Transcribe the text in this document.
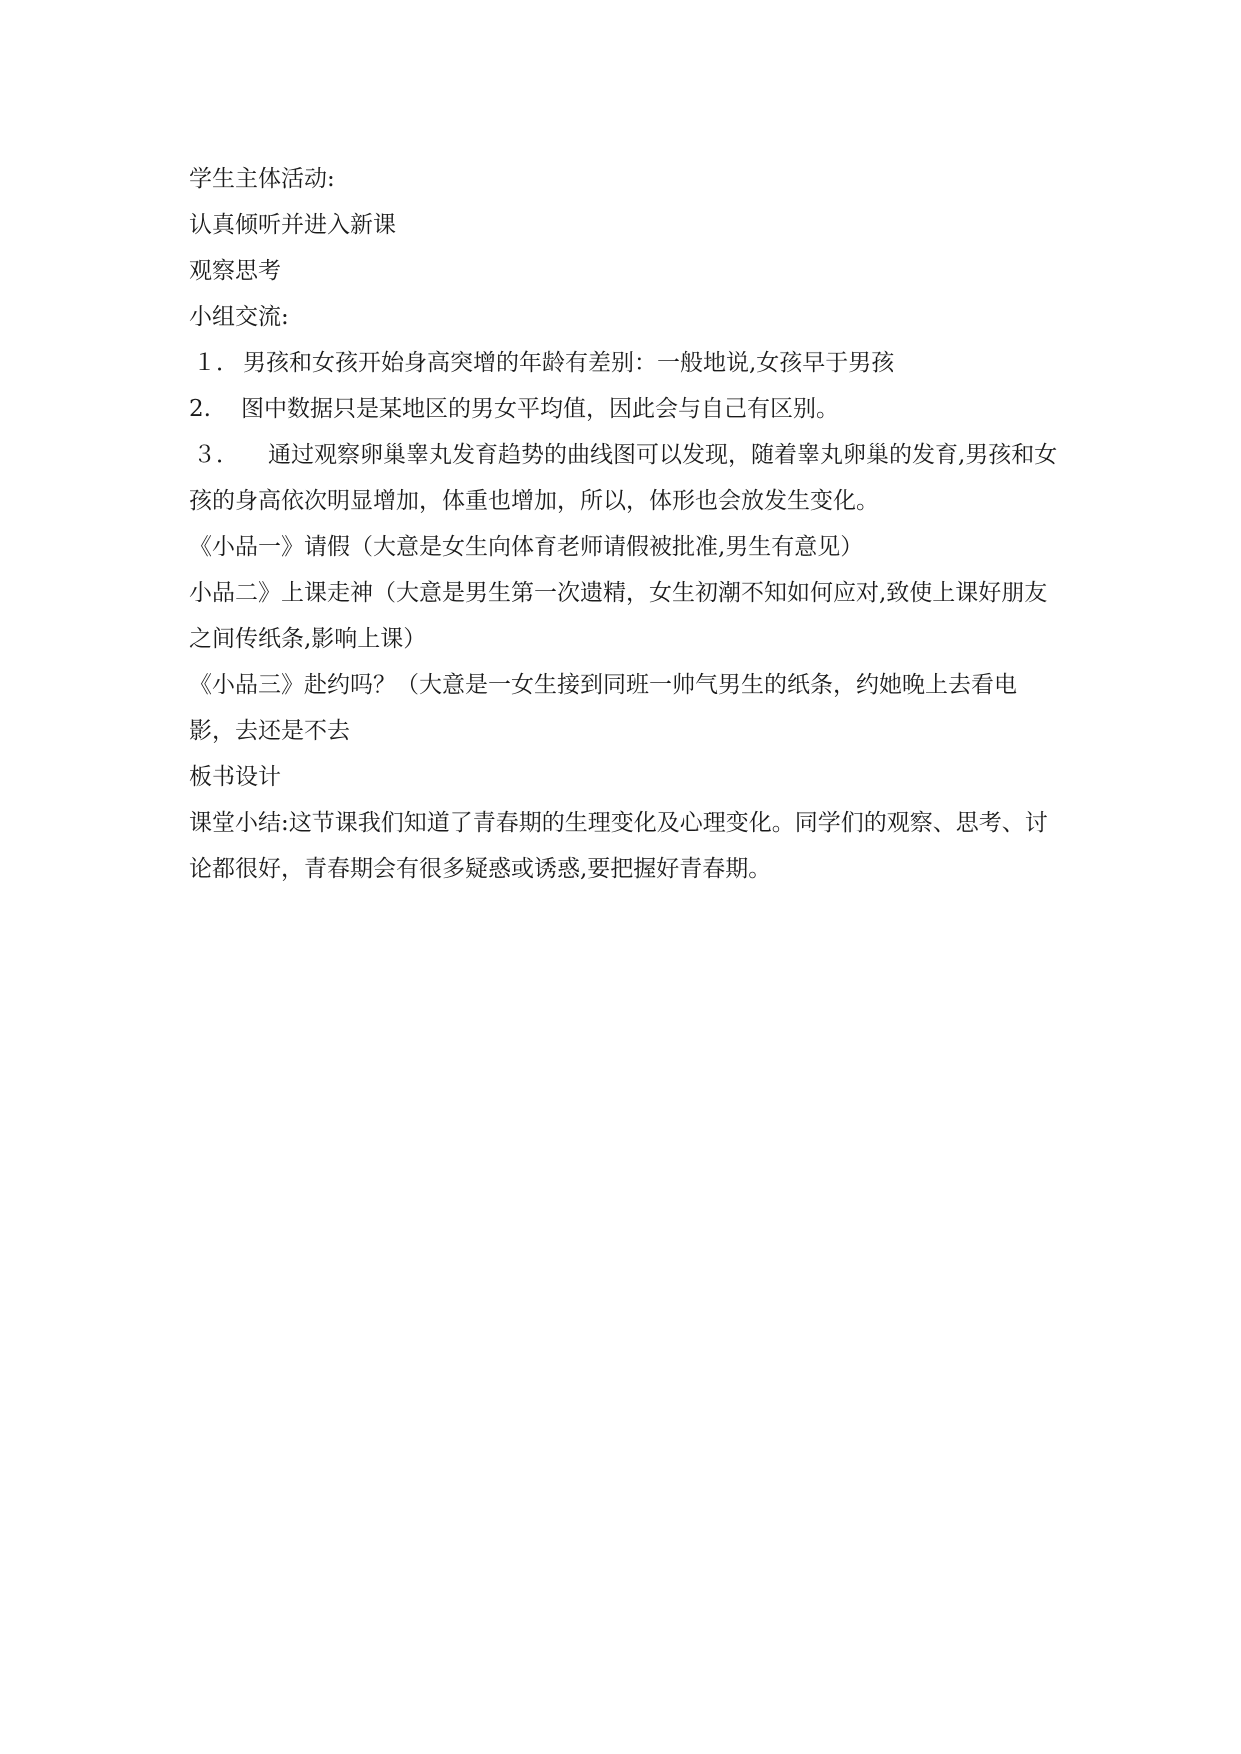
学生主体活动:
认真倾听并进入新课
观察思考
小组交流:
１． 男孩和女孩开始身高突增的年龄有差别：一般地说,女孩早于男孩
2. 图中数据只是某地区的男女平均值，因此会与自己有区别。
３． 通过观察卵巢睾丸发育趋势的曲线图可以发现，随着睾丸卵巢的发育,男孩和女孩的身高依次明显增加，体重也增加，所以，体形也会放发生变化。
《小品一》请假（大意是女生向体育老师请假被批准,男生有意见）
小品二》上课走神（大意是男生第一次遗精，女生初潮不知如何应对,致使上课好朋友之间传纸条,影响上课）
《小品三》赴约吗？（大意是一女生接到同班一帅气男生的纸条，约她晚上去看电影，去还是不去
板书设计
课堂小结:这节课我们知道了青春期的生理变化及心理变化。同学们的观察、思考、讨论都很好，青春期会有很多疑惑或诱惑,要把握好青春期。
